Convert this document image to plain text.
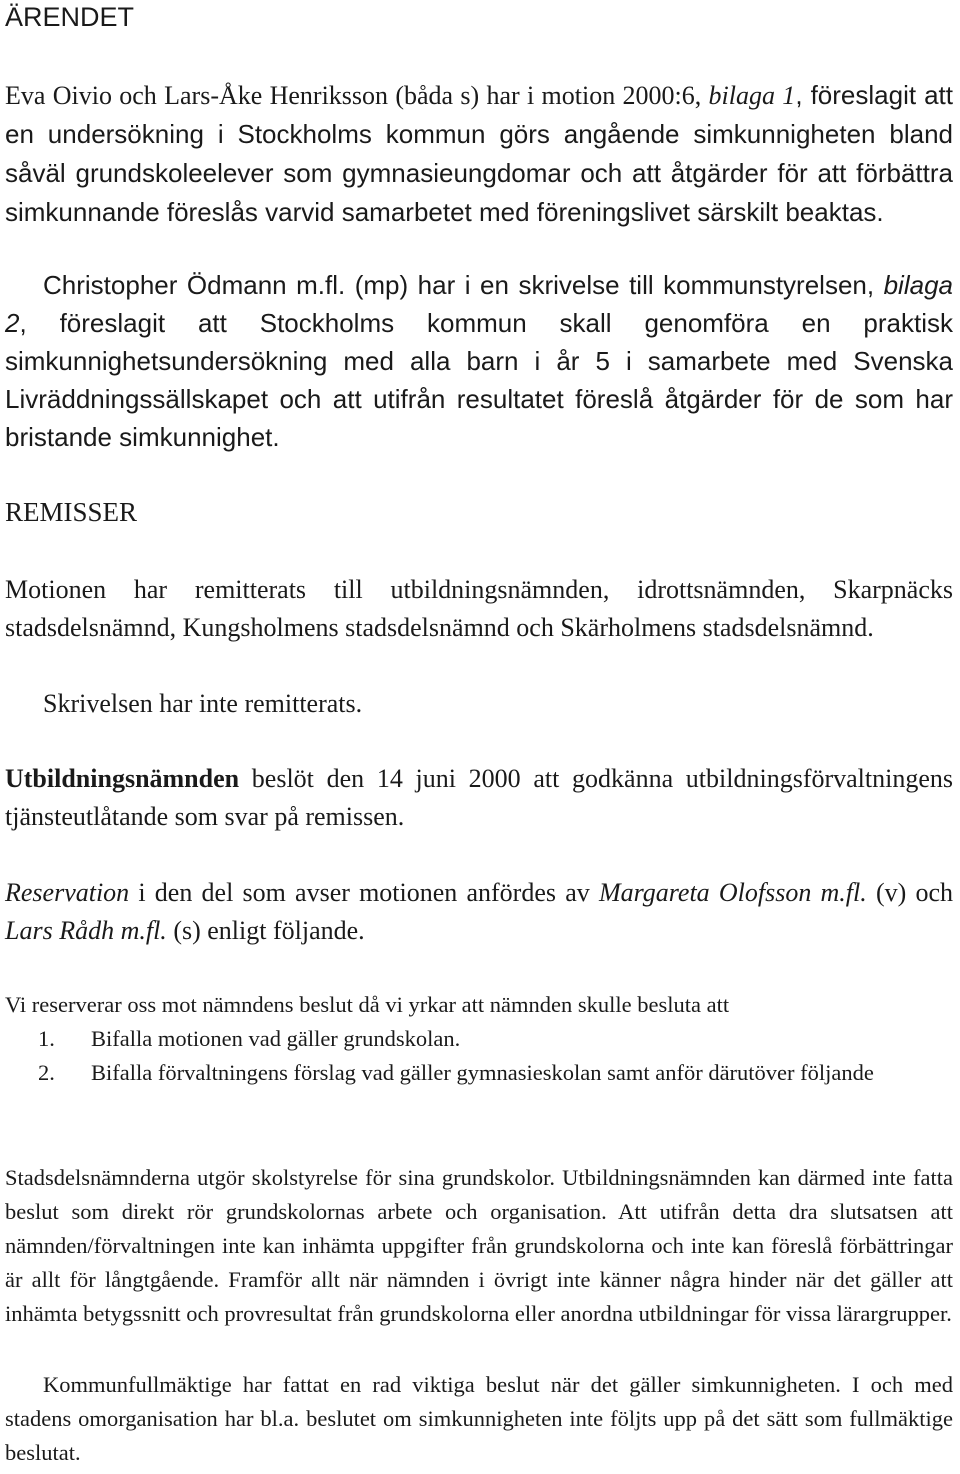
ÄRENDET

Eva Oivio och Lars-Åke Henriksson (båda s) har i motion 2000:6, bilaga 1, föreslagit att en undersökning i Stockholms kommun görs angående simkunnigheten bland såväl grundskoleelever som gymnasieungdomar och att åtgärder för att förbättra simkunnande föreslås varvid samarbetet med föreningslivet särskilt beaktas.

Christopher Ödmann m.fl. (mp) har i en skrivelse till kommunstyrelsen, bilaga 2, föreslagit att Stockholms kommun skall genomföra en praktisk simkunnighetsundersökning med alla barn i år 5 i samarbete med Svenska Livräddningssällskapet och att utifrån resultatet föreslå åtgärder för de som har bristande simkunnighet.

REMISSER

Motionen har remitterats till utbildningsnämnden, idrottsnämnden, Skarpnäcks stadsdelsnämnd, Kungsholmens stadsdelsnämnd och Skärholmens stadsdelsnämnd.

Skrivelsen har inte remitterats.

Utbildningsnämnden beslöt den 14 juni 2000 att godkänna utbildningsförvaltningens tjänsteutlåtande som svar på remissen.

Reservation i den del som avser motionen anfördes av Margareta Olofsson m.fl. (v) och Lars Rådh m.fl. (s) enligt följande.

Vi reserverar oss mot nämndens beslut då vi yrkar att nämnden skulle besluta att

1.	Bifalla motionen vad gäller grundskolan.
2.	Bifalla förvaltningens förslag vad gäller gymnasieskolan samt anför därutöver följande

Stadsdelsnämnderna utgör skolstyrelse för sina grundskolor. Utbildningsnämnden kan därmed inte fatta beslut som direkt rör grundskolornas arbete och organisation. Att utifrån detta dra slutsatsen att nämnden/förvaltningen inte kan inhämta uppgifter från grundskolorna och inte kan föreslå förbättringar är allt för långtgående. Framför allt när nämnden i övrigt inte känner några hinder när det gäller att inhämta betygssnitt och provresultat från grundskolorna eller anordna utbildningar för vissa lärargrupper.

Kommunfullmäktige har fattat en rad viktiga beslut när det gäller simkunnigheten. I och med stadens omorganisation har bl.a. beslutet om simkunnigheten inte följts upp på det sätt som fullmäktige beslutat.
